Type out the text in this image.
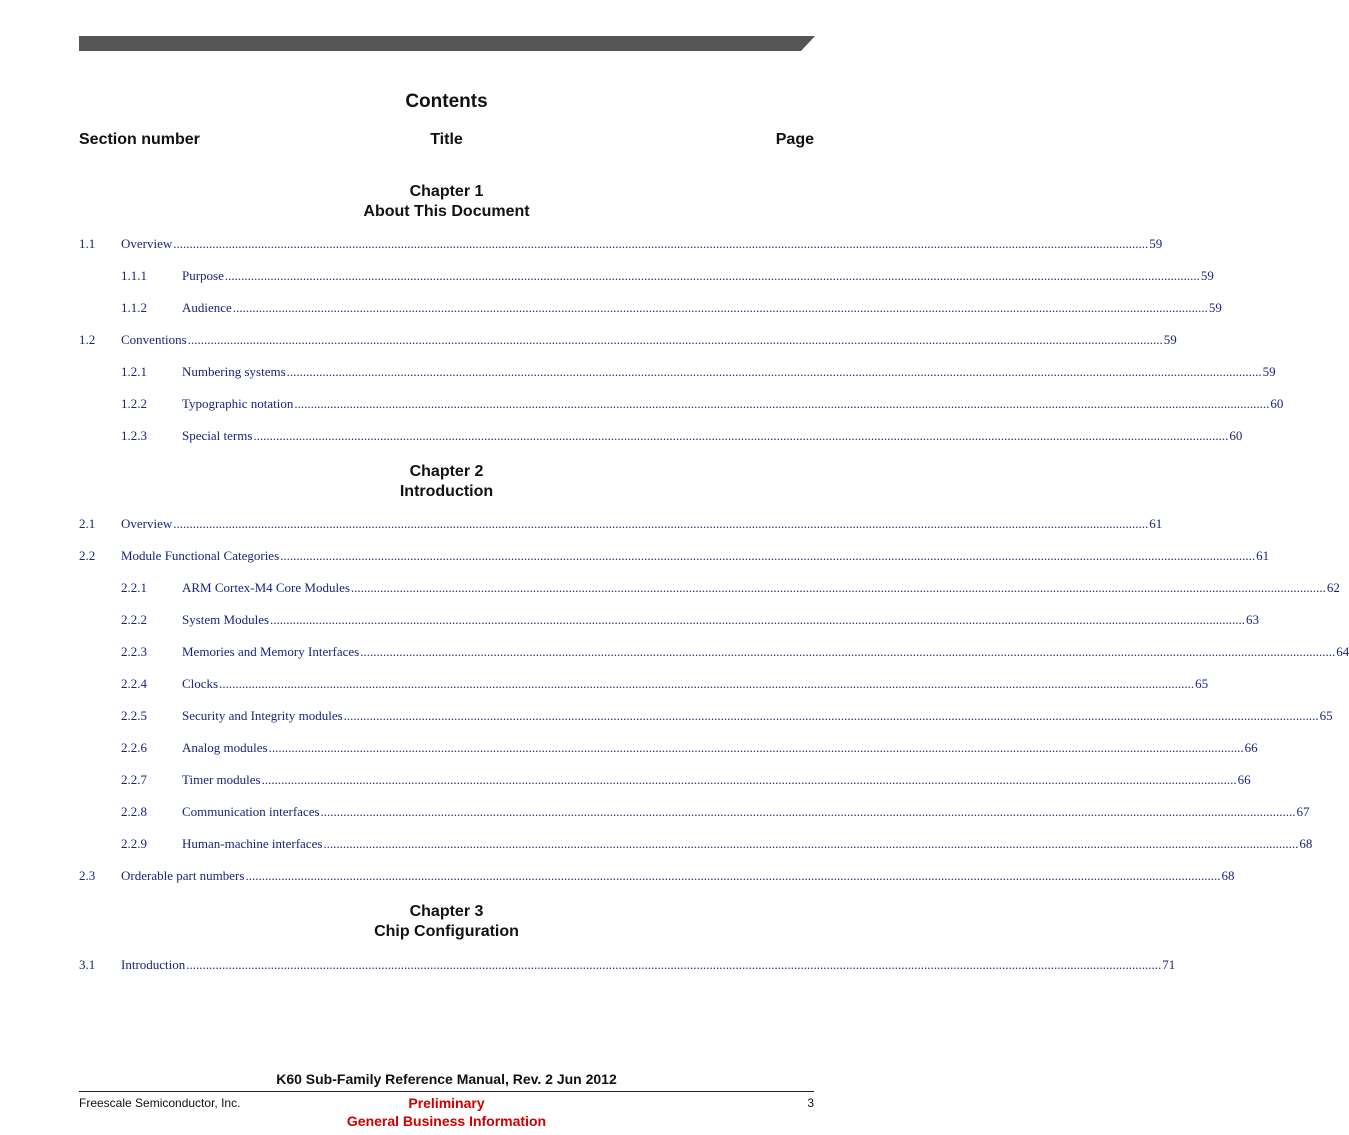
Contents
Section number	Title	Page
Chapter 1
About This Document
1.1 Overview ............................................................................................................................................................................................................................................................................................................ 59
1.1.1	Purpose ............................................................................................................................................................................................................................................................................................................ 59
1.1.2	Audience ............................................................................................................................................................................................................................................................................................................ 59
1.2 Conventions ............................................................................................................................................................................................................................................................................................................ 59
1.2.1	Numbering systems ............................................................................................................................................................................................................................................................................................................ 59
1.2.2	Typographic notation ............................................................................................................................................................................................................................................................................................................ 60
1.2.3	Special terms ............................................................................................................................................................................................................................................................................................................ 60
Chapter 2
Introduction
2.1 Overview ............................................................................................................................................................................................................................................................................................................ 61
2.2 Module Functional Categories ............................................................................................................................................................................................................................................................................................................ 61
2.2.1	ARM Cortex-M4 Core Modules ............................................................................................................................................................................................................................................................................................................ 62
2.2.2	System Modules ............................................................................................................................................................................................................................................................................................................ 63
2.2.3	Memories and Memory Interfaces ............................................................................................................................................................................................................................................................................................................ 64
2.2.4	Clocks ............................................................................................................................................................................................................................................................................................................ 65
2.2.5	Security and Integrity modules ............................................................................................................................................................................................................................................................................................................ 65
2.2.6	Analog modules ............................................................................................................................................................................................................................................................................................................ 66
2.2.7	Timer modules ............................................................................................................................................................................................................................................................................................................ 66
2.2.8	Communication interfaces ............................................................................................................................................................................................................................................................................................................ 67
2.2.9	Human-machine interfaces ............................................................................................................................................................................................................................................................................................................ 68
2.3 Orderable part numbers ............................................................................................................................................................................................................................................................................................................ 68
Chapter 3
Chip Configuration
3.1 Introduction ............................................................................................................................................................................................................................................................................................................ 71
K60 Sub-Family Reference Manual, Rev. 2 Jun 2012
Freescale Semiconductor, Inc.	3
Preliminary
General Business Information
